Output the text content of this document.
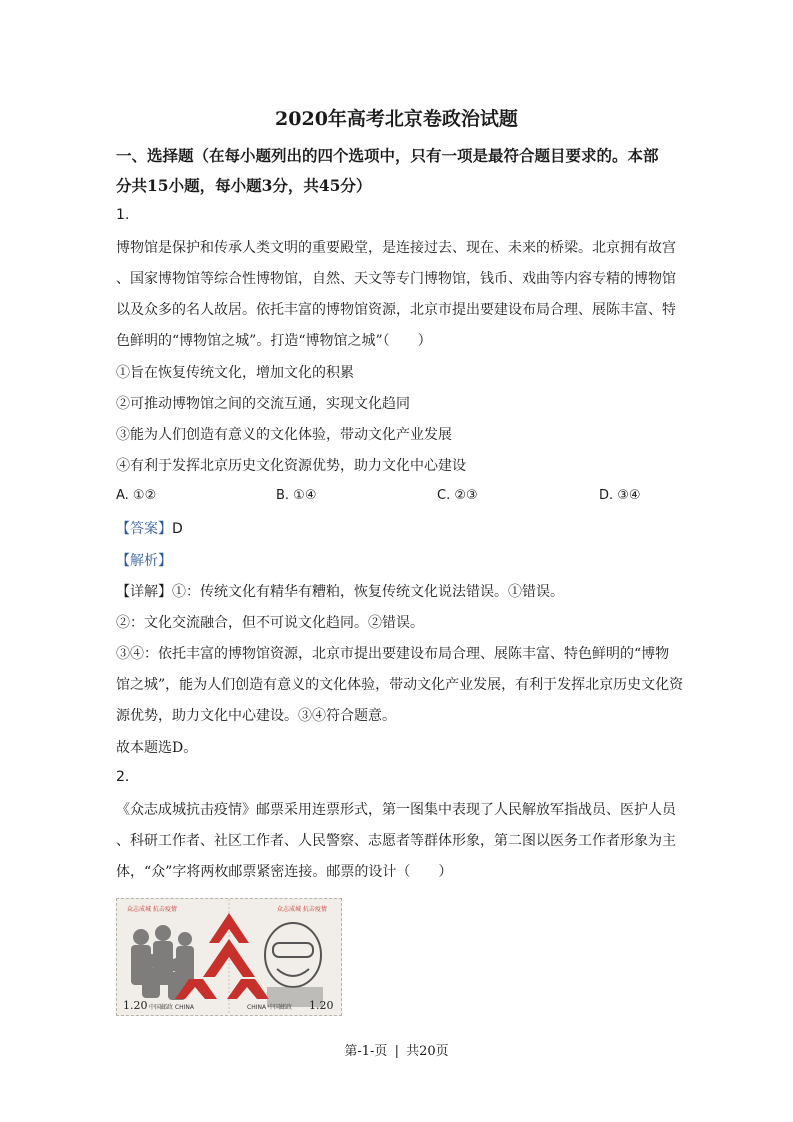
2020年高考北京卷政治试题
一、选择题（在每小题列出的四个选项中，只有一项是最符合题目要求的。本部
分共15小题，每小题3分，共45分）
1.
博物馆是保护和传承人类文明的重要殿堂，是连接过去、现在、未来的桥梁。北京拥有故宫
、国家博物馆等综合性博物馆，自然、天文等专门博物馆，钱币、戏曲等内容专精的博物馆
以及众多的名人故居。依托丰富的博物馆资源，北京市提出要建设布局合理、展陈丰富、特
色鲜明的“博物馆之城”。打造“博物馆之城”（　　）
①旨在恢复传统文化，增加文化的积累
②可推动博物馆之间的交流互通，实现文化趋同
③能为人们创造有意义的文化体验，带动文化产业发展
④有利于发挥北京历史文化资源优势，助力文化中心建设
A. ①②	B. ①④	C. ②③	D. ③④
【答案】D
【解析】
【详解】①：传统文化有精华有糟粕，恢复传统文化说法错误。①错误。
②：文化交流融合，但不可说文化趋同。②错误。
③④：依托丰富的博物馆资源，北京市提出要建设布局合理、展陈丰富、特色鲜明的“博物
馆之城”，能为人们创造有意义的文化体验，带动文化产业发展，有利于发挥北京历史文化资
源优势，助力文化中心建设。③④符合题意。
故本题选D。
2.
《众志成城抗击疫情》邮票采用连票形式，第一图集中表现了人民解放军指战员、医护人员
、科研工作者、社区工作者、人民警察、志愿者等群体形象，第二图以医务工作者形象为主
体，“众”字将两枚邮票紧密连接。邮票的设计（　　）
众志成城 抗击疫情	众志成城 抗击疫情
1.20 中国邮政 CHINA	CHINA 中国邮政 1.20
第-1-页 | 共20页
